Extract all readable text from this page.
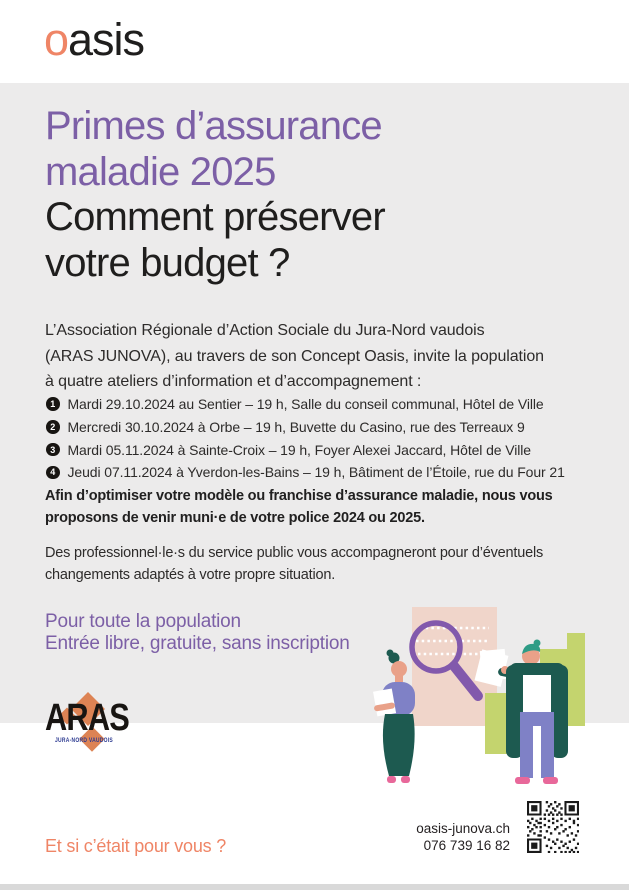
oasis
Primes d’assurance
maladie 2025
Comment préserver
votre budget ?
L’Association Régionale d’Action Sociale du Jura-Nord vaudois
(ARAS JUNOVA), au travers de son Concept Oasis, invite la population
à quatre ateliers d’information et d’accompagnement :
1 Mardi 29.10.2024 au Sentier – 19 h, Salle du conseil communal, Hôtel de Ville
2 Mercredi 30.10.2024 à Orbe – 19 h, Buvette du Casino, rue des Terreaux 9
3 Mardi 05.11.2024 à Sainte-Croix – 19 h, Foyer Alexei Jaccard, Hôtel de Ville
4 Jeudi 07.11.2024 à Yverdon-les-Bains – 19 h, Bâtiment de l’Étoile, rue du Four 21

Afin d’optimiser votre modèle ou franchise d’assurance maladie, nous vous
proposons de venir muni·e de votre police 2024 ou 2025.

Des professionnel·le·s du service public vous accompagneront pour d’éventuels
changements adaptés à votre propre situation.

Pour toute la population
Entrée libre, gratuite, sans inscription
ARAS
JURA-NORD VAUDOIS
Et si c’était pour vous ?
oasis-junova.ch
076 739 16 82
